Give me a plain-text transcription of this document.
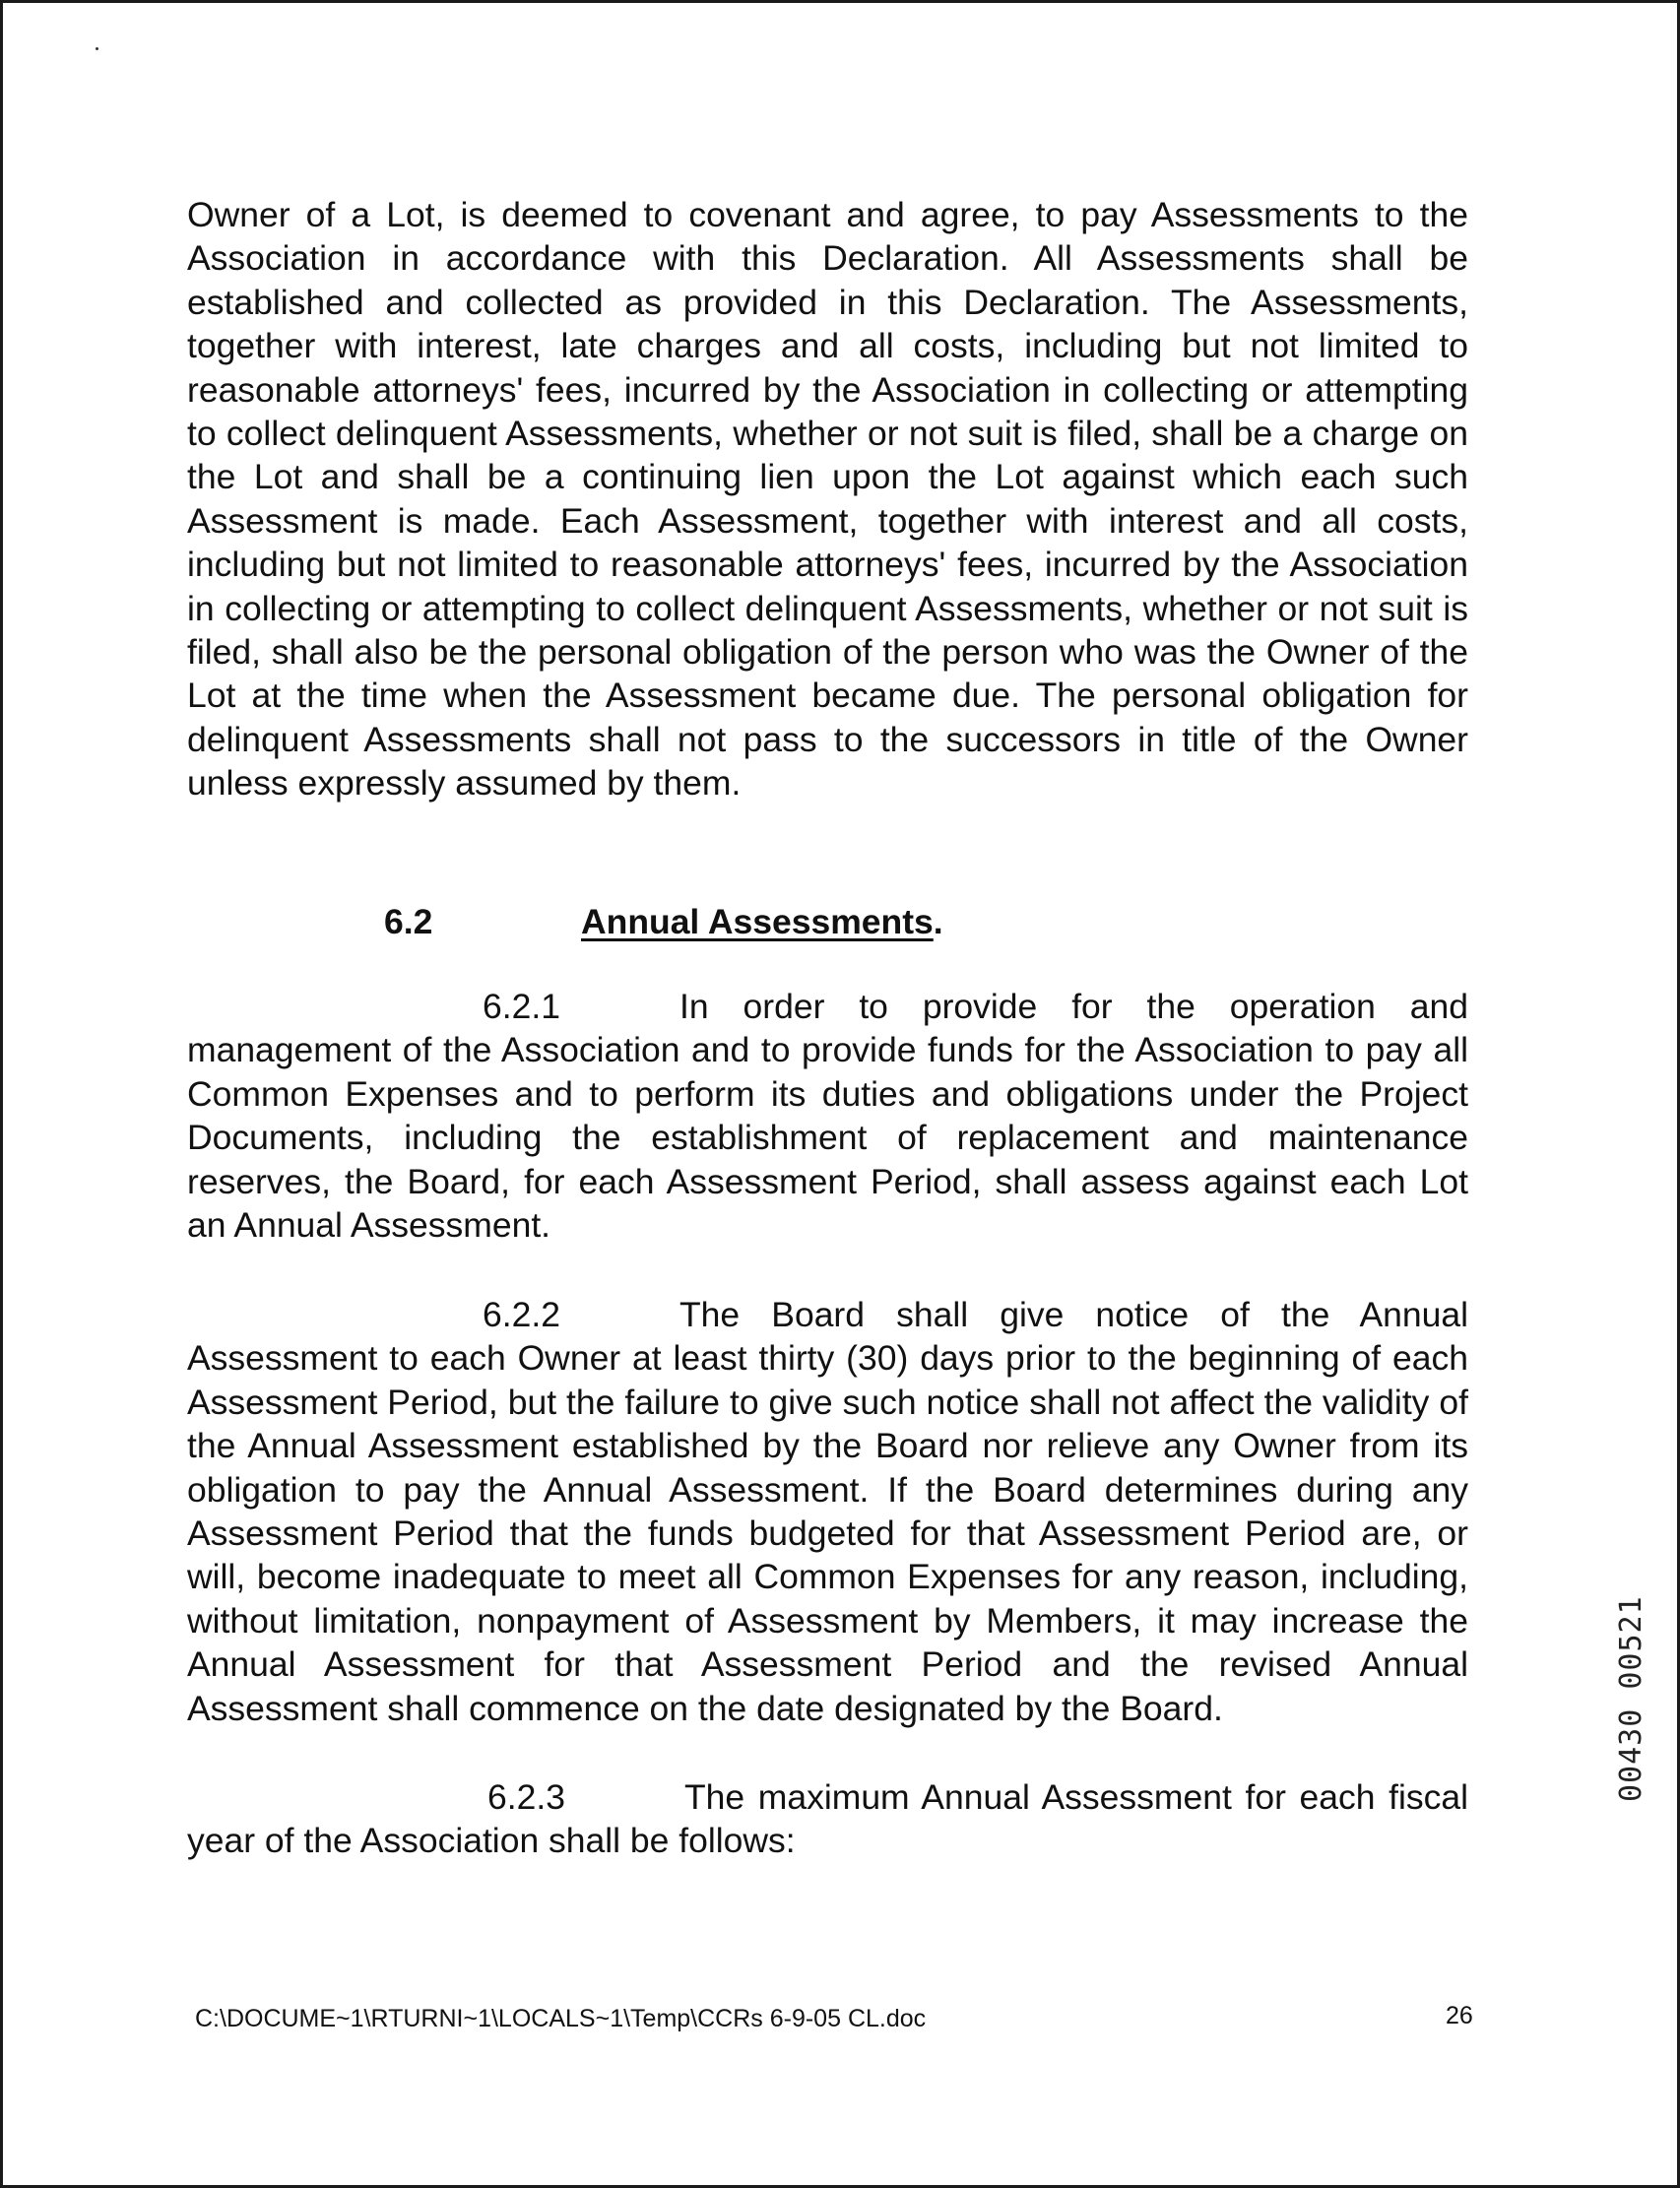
Owner of a Lot, is deemed to covenant and agree, to pay Assessments to the Association in accordance with this Declaration. All Assessments shall be established and collected as provided in this Declaration. The Assessments, together with interest, late charges and all costs, including but not limited to reasonable attorneys' fees, incurred by the Association in collecting or attempting to collect delinquent Assessments, whether or not suit is filed, shall be a charge on the Lot and shall be a continuing lien upon the Lot against which each such Assessment is made. Each Assessment, together with interest and all costs, including but not limited to reasonable attorneys' fees, incurred by the Association in collecting or attempting to collect delinquent Assessments, whether or not suit is filed, shall also be the personal obligation of the person who was the Owner of the Lot at the time when the Assessment became due. The personal obligation for delinquent Assessments shall not pass to the successors in title of the Owner unless expressly assumed by them.

6.2	Annual Assessments.

6.2.1	In order to provide for the operation and management of the Association and to provide funds for the Association to pay all Common Expenses and to perform its duties and obligations under the Project Documents, including the establishment of replacement and maintenance reserves, the Board, for each Assessment Period, shall assess against each Lot an Annual Assessment.

6.2.2	The Board shall give notice of the Annual Assessment to each Owner at least thirty (30) days prior to the beginning of each Assessment Period, but the failure to give such notice shall not affect the validity of the Annual Assessment established by the Board nor relieve any Owner from its obligation to pay the Annual Assessment. If the Board determines during any Assessment Period that the funds budgeted for that Assessment Period are, or will, become inadequate to meet all Common Expenses for any reason, including, without limitation, nonpayment of Assessment by Members, it may increase the Annual Assessment for that Assessment Period and the revised Annual Assessment shall commence on the date designated by the Board.

6.2.3	The maximum Annual Assessment for each fiscal year of the Association shall be follows:

C:\DOCUME~1\RTURNI~1\LOCALS~1\Temp\CCRs 6-9-05 CL.doc	26
00430 00521
